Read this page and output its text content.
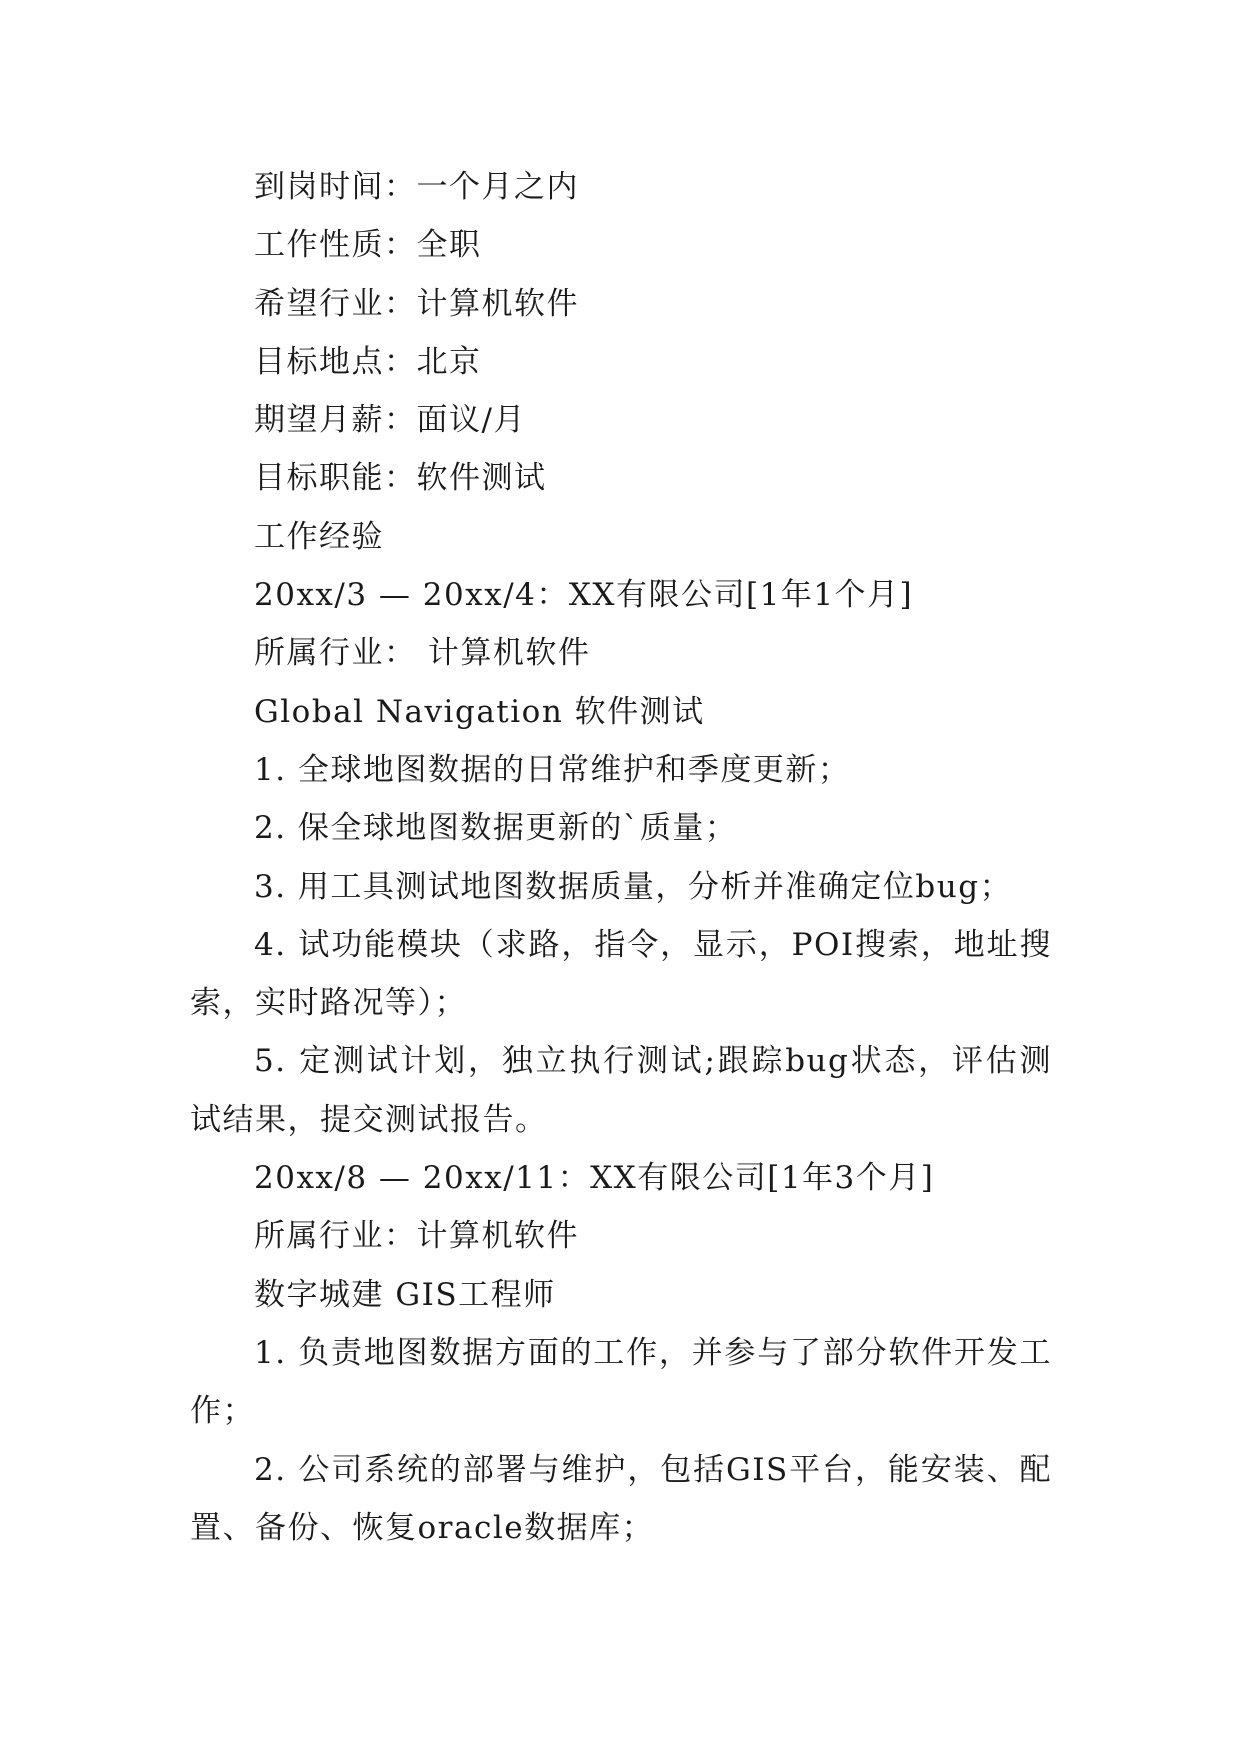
到岗时间：一个月之内

工作性质：全职

希望行业：计算机软件

目标地点：北京

期望月薪：面议/月

目标职能：软件测试

工作经验

20xx/3 — 20xx/4：XX有限公司[1年1个月]

所属行业： 计算机软件

Global Navigation 软件测试

1. 全球地图数据的日常维护和季度更新；

2. 保全球地图数据更新的`质量；

3. 用工具测试地图数据质量，分析并准确定位bug；

4. 试功能模块（求路，指令，显示，POI搜索，地址搜索，实时路况等）；

5. 定测试计划，独立执行测试;跟踪bug状态，评估测试结果，提交测试报告。

20xx/8 — 20xx/11：XX有限公司[1年3个月]

所属行业：计算机软件

数字城建 GIS工程师

1. 负责地图数据方面的工作，并参与了部分软件开发工作；

2. 公司系统的部署与维护，包括GIS平台，能安装、配置、备份、恢复oracle数据库；
